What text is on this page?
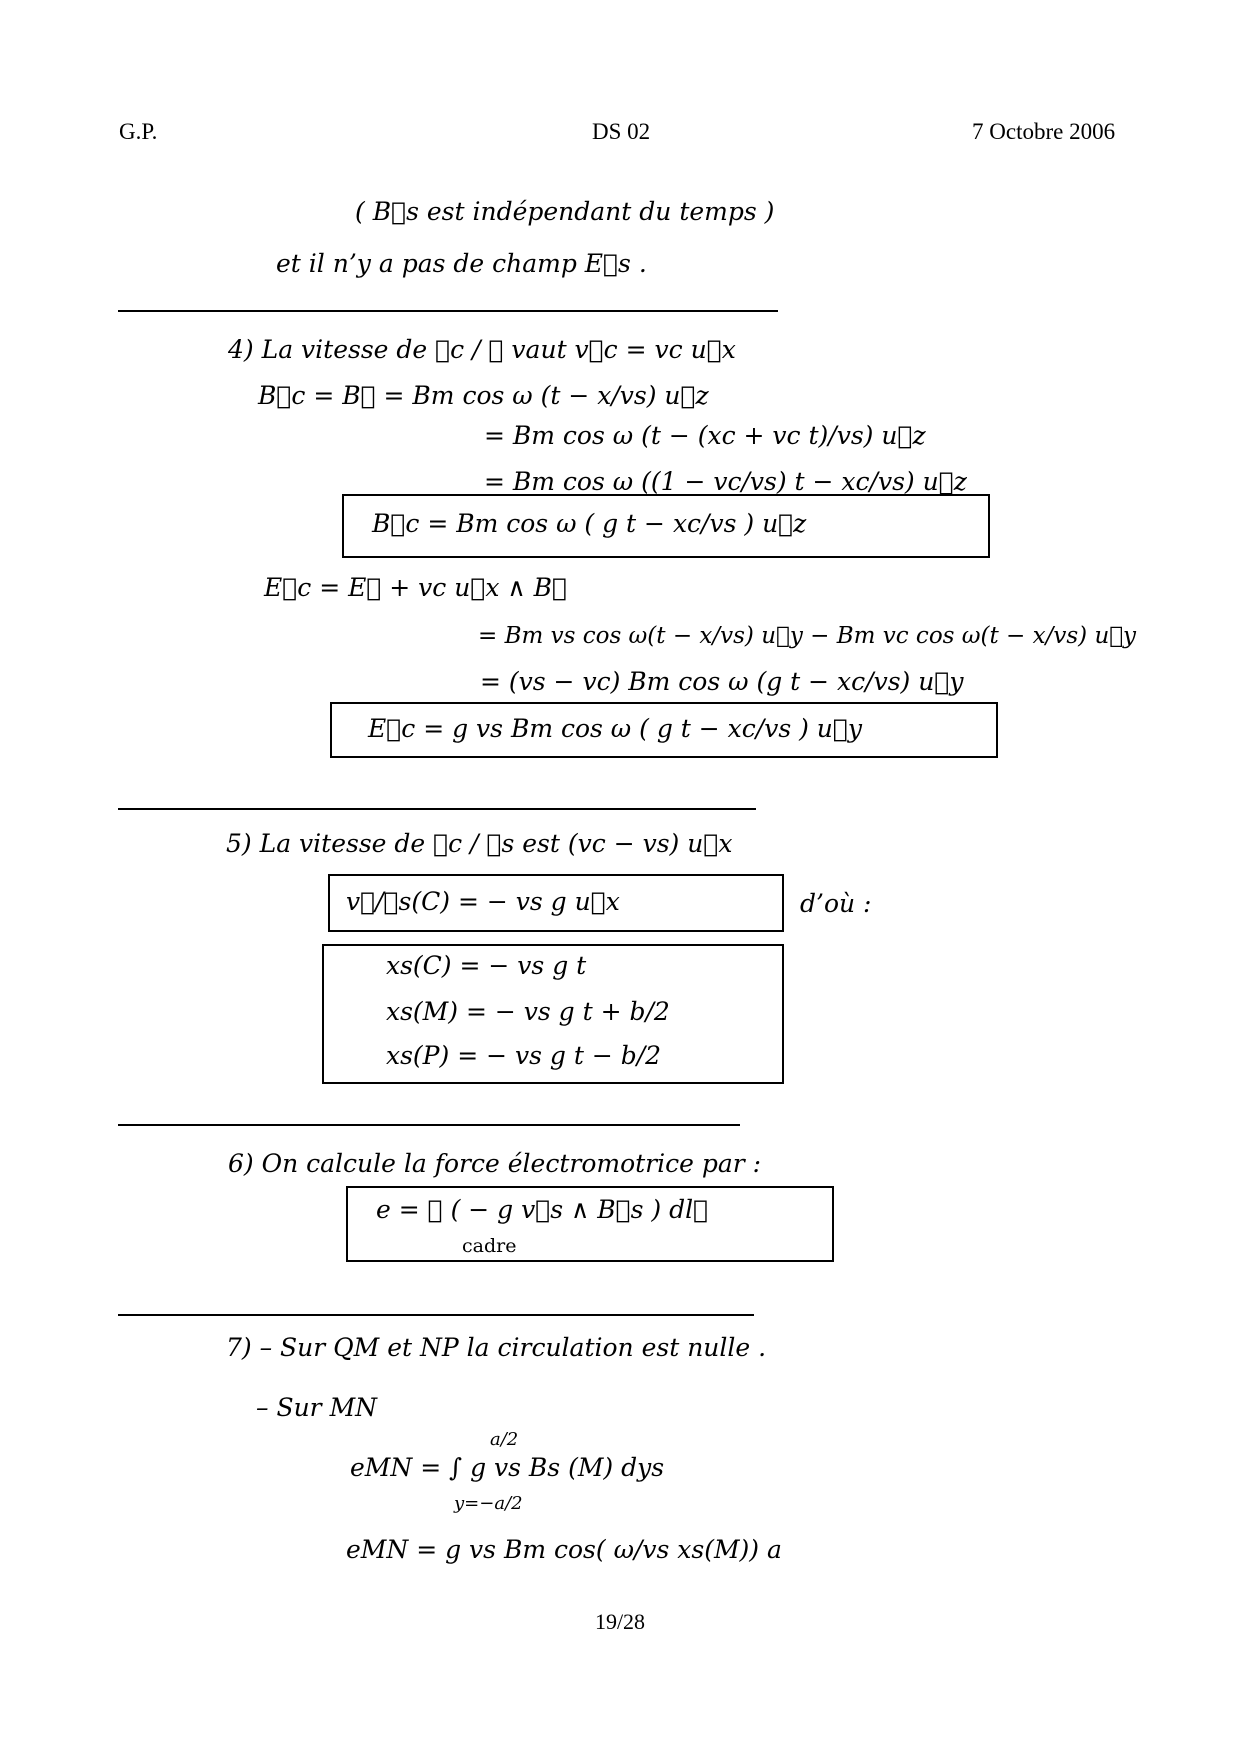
G.P.	DS 02	7 Octobre 2006
( B⃗s est indépendant du temps )
et il n’y a pas de champ E⃗s .
4) La vitesse de ℛc / ℛ vaut v⃗c = vc u⃗x
B⃗c = B⃗ = Bm cos ω (t − x/vs) u⃗z
= Bm cos ω (t − (xc + vc t)/vs) u⃗z
= Bm cos ω ((1 − vc/vs) t − xc/vs) u⃗z
B⃗c = Bm cos ω ( g t − xc/vs ) u⃗z
E⃗c = E⃗ + vc u⃗x ∧ B⃗
= Bm vs cos ω(t − x/vs) u⃗y − Bm vc cos ω(t − x/vs) u⃗y
= (vs − vc) Bm cos ω (g t − xc/vs) u⃗y
E⃗c = g vs Bm cos ω ( g t − xc/vs ) u⃗y
5) La vitesse de ℛc / ℛs est (vc − vs) u⃗x
v⃗/ℛs(C) = − vs g u⃗x	d’où :
xs(C) = − vs g t
xs(M) = − vs g t + b/2
xs(P) = − vs g t − b/2
6) On calcule la force électromotrice par :
e = ∮ ( − g v⃗s ∧ B⃗s ) dl⃗
cadre
7) – Sur QM et NP la circulation est nulle .
– Sur MN
a/2
eMN = ∫ g vs Bs (M) dys
y=−a/2
eMN = g vs Bm cos( ω/vs xs(M)) a
19/28
